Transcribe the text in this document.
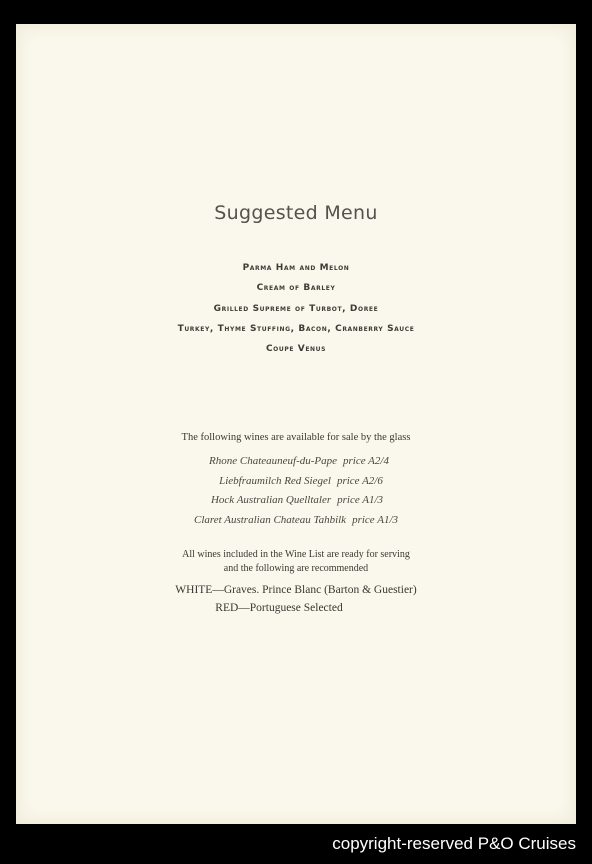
Suggested Menu
Parma Ham and Melon
Cream of Barley
Grilled Supreme of Turbot, Doree
Turkey, Thyme Stuffing, Bacon, Cranberry Sauce
Coupe Venus
The following wines are available for sale by the glass
Rhone Chateauneuf-du-Pape price A2/4
Liebfraumilch Red Siegel price A2/6
Hock Australian Quelltaler price A1/3
Claret Australian Chateau Tahbilk price A1/3
All wines included in the Wine List are ready for serving
and the following are recommended
WHITE—Graves. Prince Blanc (Barton & Guestier)
RED—Portuguese Selected
copyright-reserved P&O Cruises
